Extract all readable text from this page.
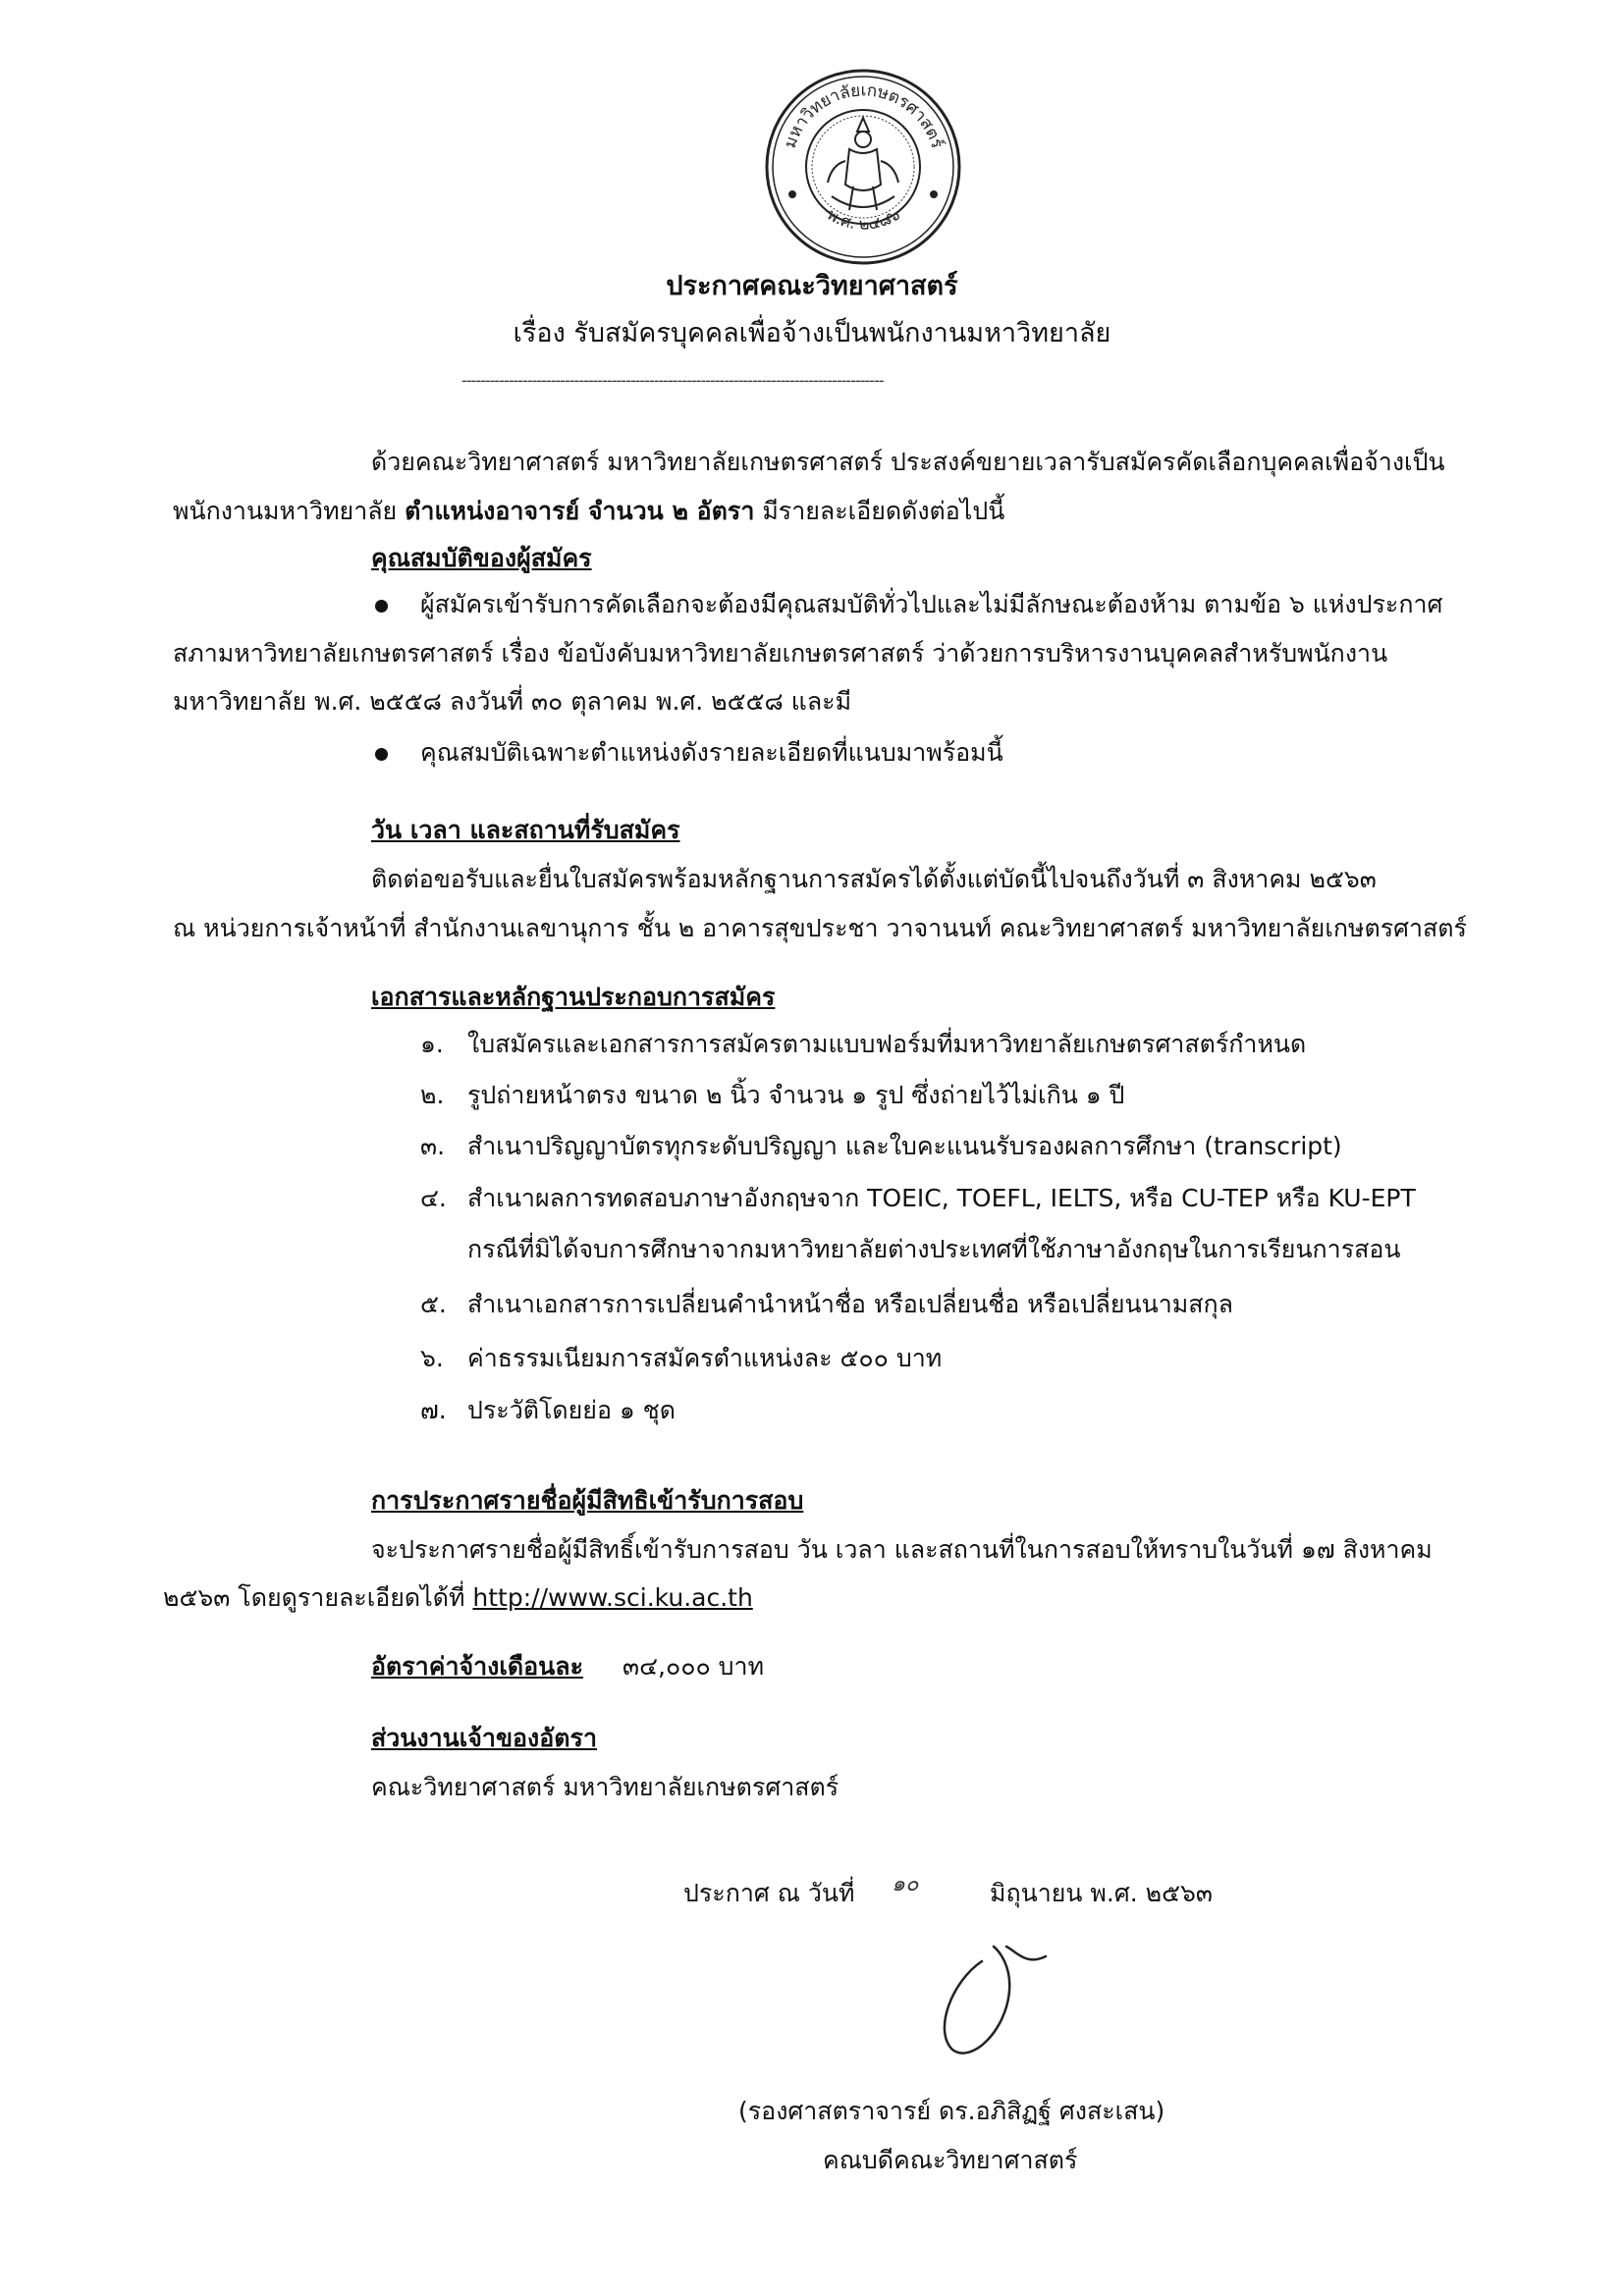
มหาวิทยาลัยเกษตรศาสตร์
พ.ศ. ๒๔๘๖
ประกาศคณะวิทยาศาสตร์
เรื่อง รับสมัครบุคคลเพื่อจ้างเป็นพนักงานมหาวิทยาลัย
------------------------------------------------------------------------------------------
ด้วยคณะวิทยาศาสตร์ มหาวิทยาลัยเกษตรศาสตร์ ประสงค์ขยายเวลารับสมัครคัดเลือกบุคคลเพื่อจ้างเป็น
พนักงานมหาวิทยาลัย ตำแหน่งอาจารย์ จำนวน ๒ อัตรา มีรายละเอียดดังต่อไปนี้
คุณสมบัติของผู้สมัคร
ผู้สมัครเข้ารับการคัดเลือกจะต้องมีคุณสมบัติทั่วไปและไม่มีลักษณะต้องห้าม ตามข้อ ๖ แห่งประกาศ
สภามหาวิทยาลัยเกษตรศาสตร์ เรื่อง ข้อบังคับมหาวิทยาลัยเกษตรศาสตร์ ว่าด้วยการบริหารงานบุคคลสำหรับพนักงาน
มหาวิทยาลัย พ.ศ. ๒๕๕๘ ลงวันที่ ๓๐ ตุลาคม พ.ศ. ๒๕๕๘ และมี
คุณสมบัติเฉพาะตำแหน่งดังรายละเอียดที่แนบมาพร้อมนี้
วัน เวลา และสถานที่รับสมัคร
ติดต่อขอรับและยื่นใบสมัครพร้อมหลักฐานการสมัครได้ตั้งแต่บัดนี้ไปจนถึงวันที่ ๓ สิงหาคม ๒๕๖๓
ณ หน่วยการเจ้าหน้าที่ สำนักงานเลขานุการ ชั้น ๒ อาคารสุขประชา วาจานนท์ คณะวิทยาศาสตร์ มหาวิทยาลัยเกษตรศาสตร์
เอกสารและหลักฐานประกอบการสมัคร
๑. ใบสมัครและเอกสารการสมัครตามแบบฟอร์มที่มหาวิทยาลัยเกษตรศาสตร์กำหนด
๒. รูปถ่ายหน้าตรง ขนาด ๒ นิ้ว จำนวน ๑ รูป ซึ่งถ่ายไว้ไม่เกิน ๑ ปี
๓. สำเนาปริญญาบัตรทุกระดับปริญญา และใบคะแนนรับรองผลการศึกษา (transcript)
๔. สำเนาผลการทดสอบภาษาอังกฤษจาก TOEIC, TOEFL, IELTS, หรือ CU-TEP หรือ KU-EPT
กรณีที่มิได้จบการศึกษาจากมหาวิทยาลัยต่างประเทศที่ใช้ภาษาอังกฤษในการเรียนการสอน
๕. สำเนาเอกสารการเปลี่ยนคำนำหน้าชื่อ หรือเปลี่ยนชื่อ หรือเปลี่ยนนามสกุล
๖. ค่าธรรมเนียมการสมัครตำแหน่งละ ๕๐๐ บาท
๗. ประวัติโดยย่อ ๑ ชุด
การประกาศรายชื่อผู้มีสิทธิเข้ารับการสอบ
จะประกาศรายชื่อผู้มีสิทธิ์เข้ารับการสอบ วัน เวลา และสถานที่ในการสอบให้ทราบในวันที่ ๑๗ สิงหาคม
๒๕๖๓ โดยดูรายละเอียดได้ที่ http://www.sci.ku.ac.th
อัตราค่าจ้างเดือนละ ๓๔,๐๐๐ บาท
ส่วนงานเจ้าของอัตรา
คณะวิทยาศาสตร์ มหาวิทยาลัยเกษตรศาสตร์
ประกาศ ณ วันที่ ๑๐	มิถุนายน พ.ศ. ๒๕๖๓
(รองศาสตราจารย์ ดร.อภิสิฏฐ์ ศงสะเสน)
คณบดีคณะวิทยาศาสตร์
